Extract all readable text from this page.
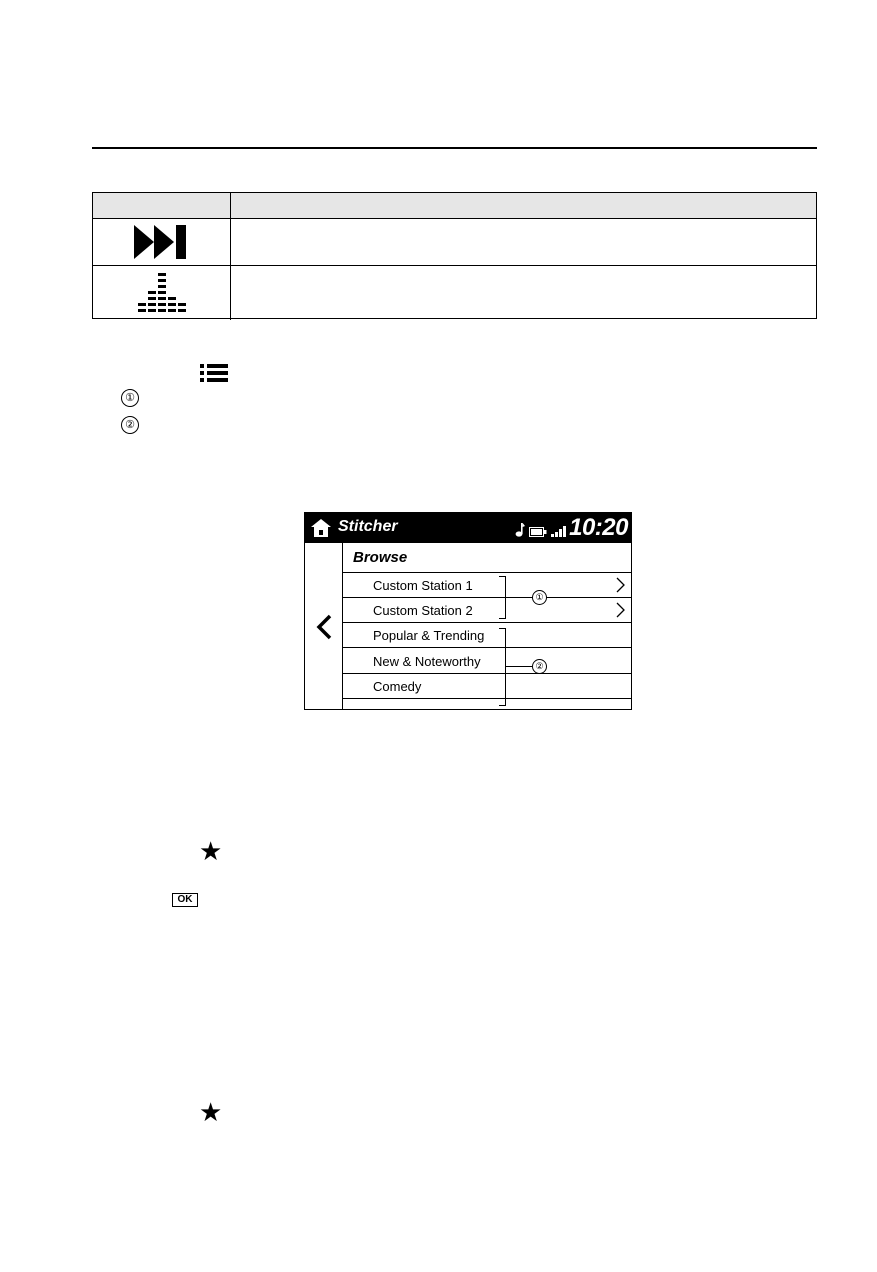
①
②
Stitcher	10:20
Browse
Custom Station 1
Custom Station 2
Popular & Trending
New & Noteworthy
Comedy
①
②
★
OK
★
